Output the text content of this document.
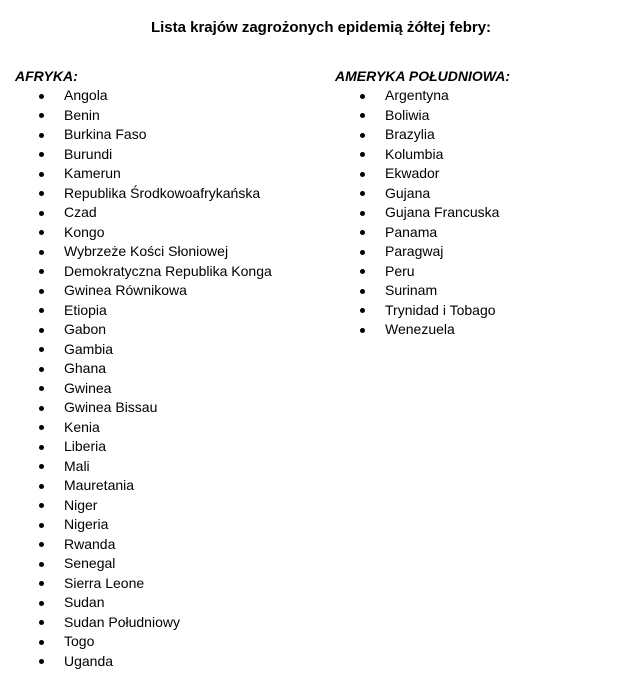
Lista krajów zagrożonych epidemią żółtej febry:
AFRYKA:
Angola
Benin
Burkina Faso
Burundi
Kamerun
Republika Środkowoafrykańska
Czad
Kongo
Wybrzeże Kości Słoniowej
Demokratyczna Republika Konga
Gwinea Równikowa
Etiopia
Gabon
Gambia
Ghana
Gwinea
Gwinea Bissau
Kenia
Liberia
Mali
Mauretania
Niger
Nigeria
Rwanda
Senegal
Sierra Leone
Sudan
Sudan Południowy
Togo
Uganda
AMERYKA POŁUDNIOWA:
Argentyna
Boliwia
Brazylia
Kolumbia
Ekwador
Gujana
Gujana Francuska
Panama
Paragwaj
Peru
Surinam
Trynidad i Tobago
Wenezuela
